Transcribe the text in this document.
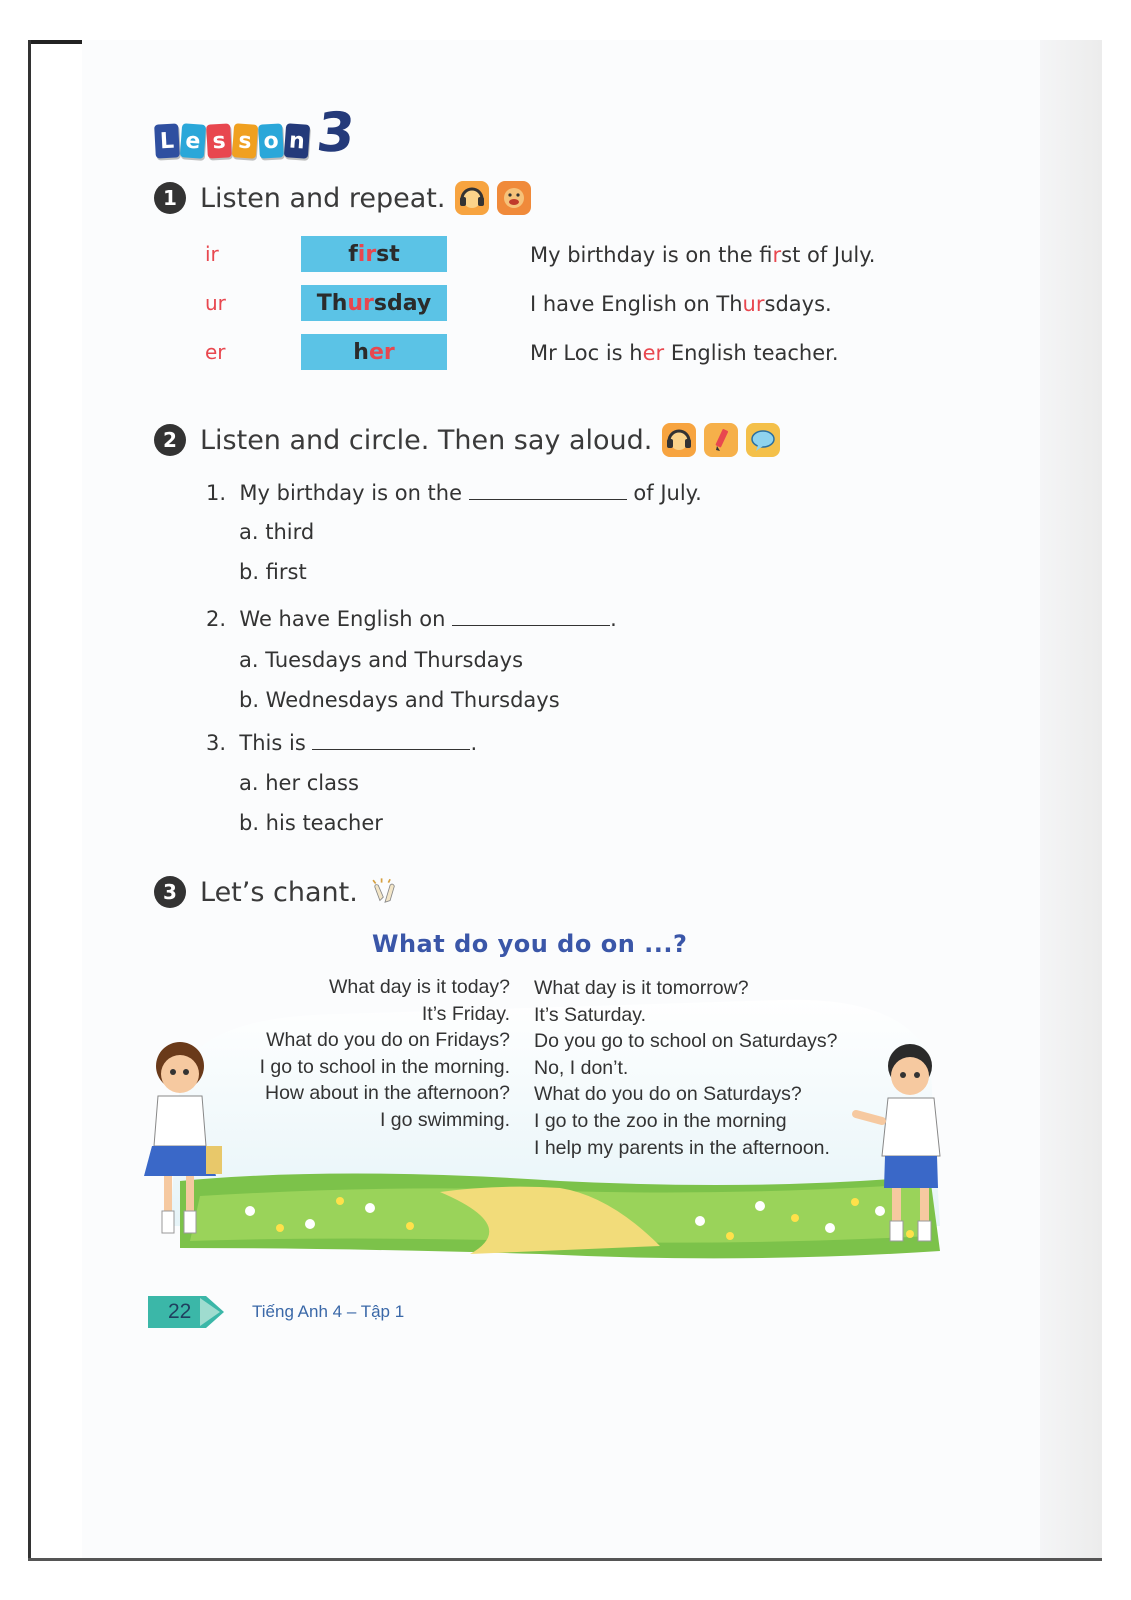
L e s s o n 3
1 Listen and repeat.
ir	f ir st	My birthday is on the first of July.
ur	Th ur sday	I have English on Thursdays.
er	h er	Mr Loc is her English teacher.
2 Listen and circle. Then say aloud.
1. My birthday is on the	of July.
a. third
b. first
2. We have English on	.
a. Tuesdays and Thursdays
b. Wednesdays and Thursdays
3. This is	.
a. her class
b. his teacher
3 Let’s chant.
What do you do on ...?
What day is it today?
It’s Friday.
What do you do on Fridays?
I go to school in the morning.
How about in the afternoon?
I go swimming.
What day is it tomorrow?
It’s Saturday.
Do you go to school on Saturdays?
No, I don’t.
What do you do on Saturdays?
I go to the zoo in the morning
I help my parents in the afternoon.
22	Tiếng Anh 4 – Tập 1
